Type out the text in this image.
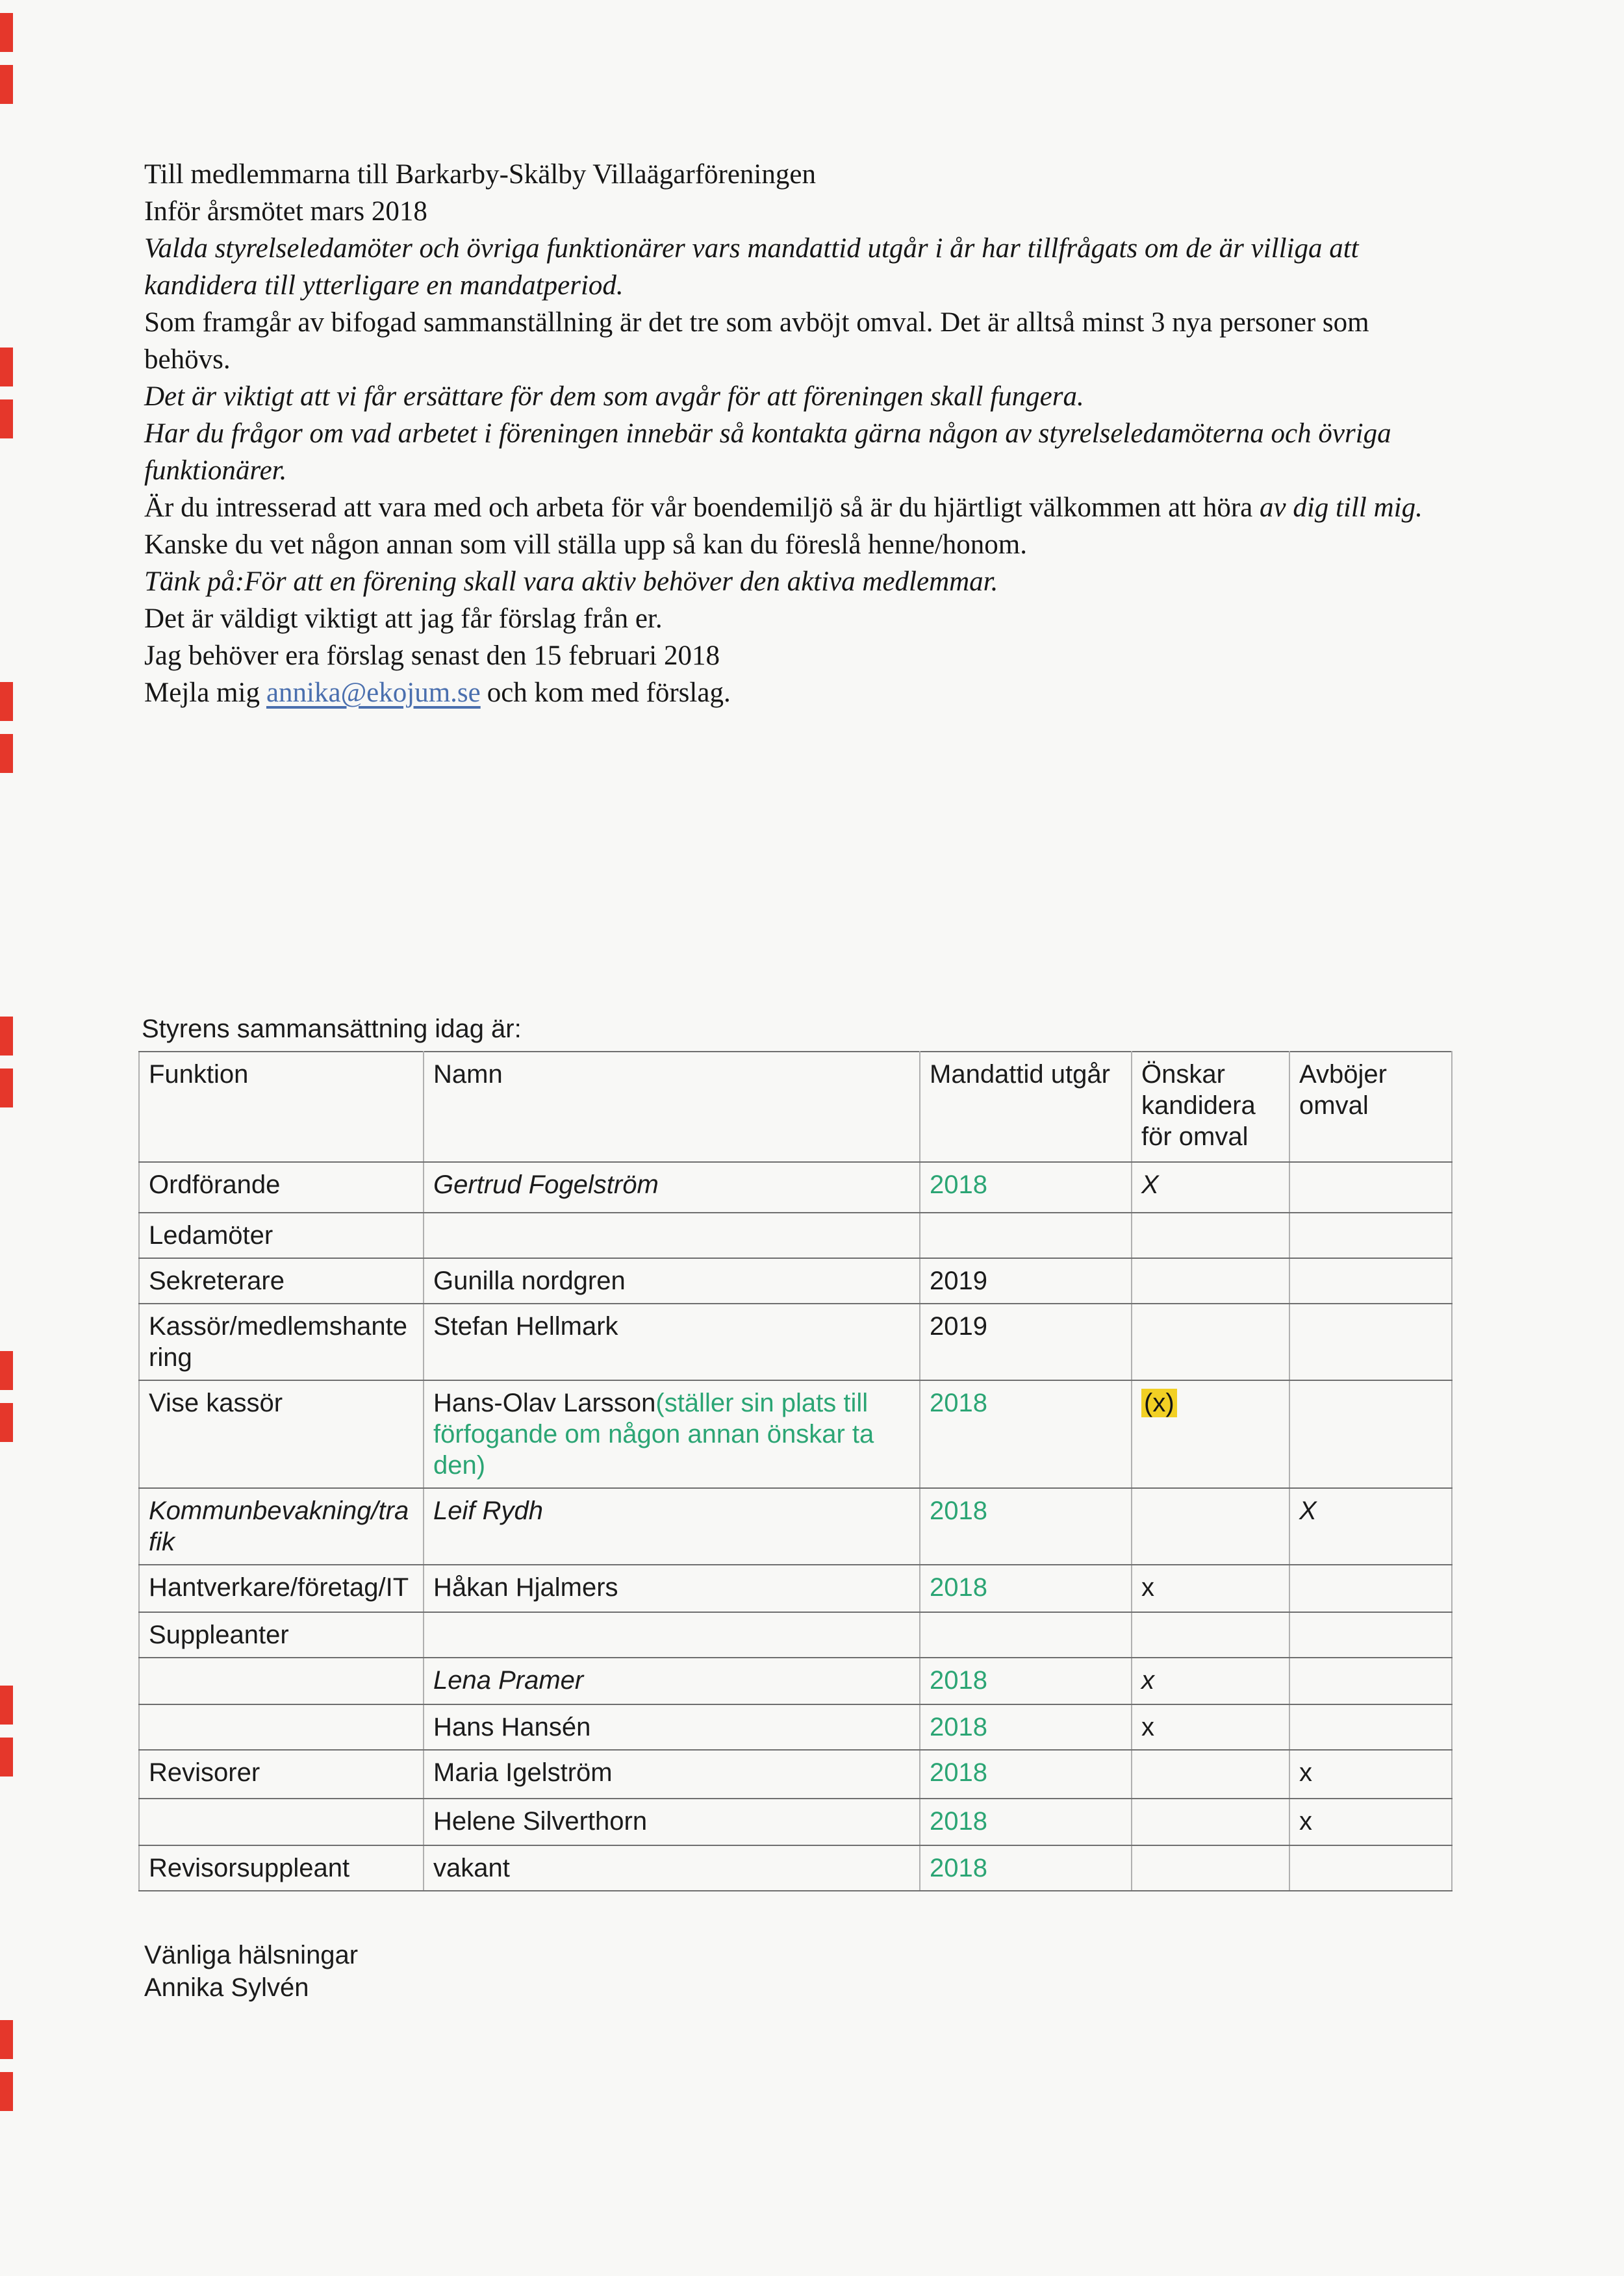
Till medlemmarna till Barkarby-Skälby Villaägarföreningen

Inför årsmötet mars 2018

Valda styrelseledamöter och övriga funktionärer vars mandattid utgår i år har tillfrågats om de är villiga att kandidera till ytterligare en mandatperiod.

Som framgår av bifogad sammanställning är det tre som avböjt omval. Det är alltså minst 3 nya personer som behövs.

Det är viktigt att vi får ersättare för dem som avgår för att föreningen skall fungera.

Har du frågor om vad arbetet i föreningen innebär så kontakta gärna någon av styrelseledamöterna och övriga funktionärer.

Är du intresserad att vara med och arbeta för vår boendemiljö så är du hjärtligt välkommen att höra av dig till mig.

Kanske du vet någon annan som vill ställa upp så kan du föreslå henne/honom.

Tänk på:För att en förening skall vara aktiv behöver den aktiva medlemmar.

Det är väldigt viktigt att jag får förslag från er.

Jag behöver era förslag senast den 15 februari 2018

Mejla mig annika@ekojum.se och kom med förslag.

Styrens sammansättning idag är:
Funktion	Namn	Mandattid utgår	Önskar kandidera för omval	Avböjer omval
Ordförande	Gertrud Fogelström	2018	X	
Ledamöter				
Sekreterare	Gunilla nordgren	2019		
Kassör/medlemshantering	Stefan Hellmark	2019		
Vise kassör	Hans-Olav Larsson(ställer sin plats till förfogande om någon annan önskar ta den)	2018	(x)	
Kommunbevakning/trafik	Leif Rydh	2018		X
Hantverkare/företag/IT	Håkan Hjalmers	2018	x	
Suppleanter				
	Lena Pramer	2018	x	
	Hans Hansén	2018	x	
Revisorer	Maria Igelström	2018		x
	Helene Silverthorn	2018		x
Revisorsuppleant	vakant	2018		

Vänliga hälsningar

Annika Sylvén
